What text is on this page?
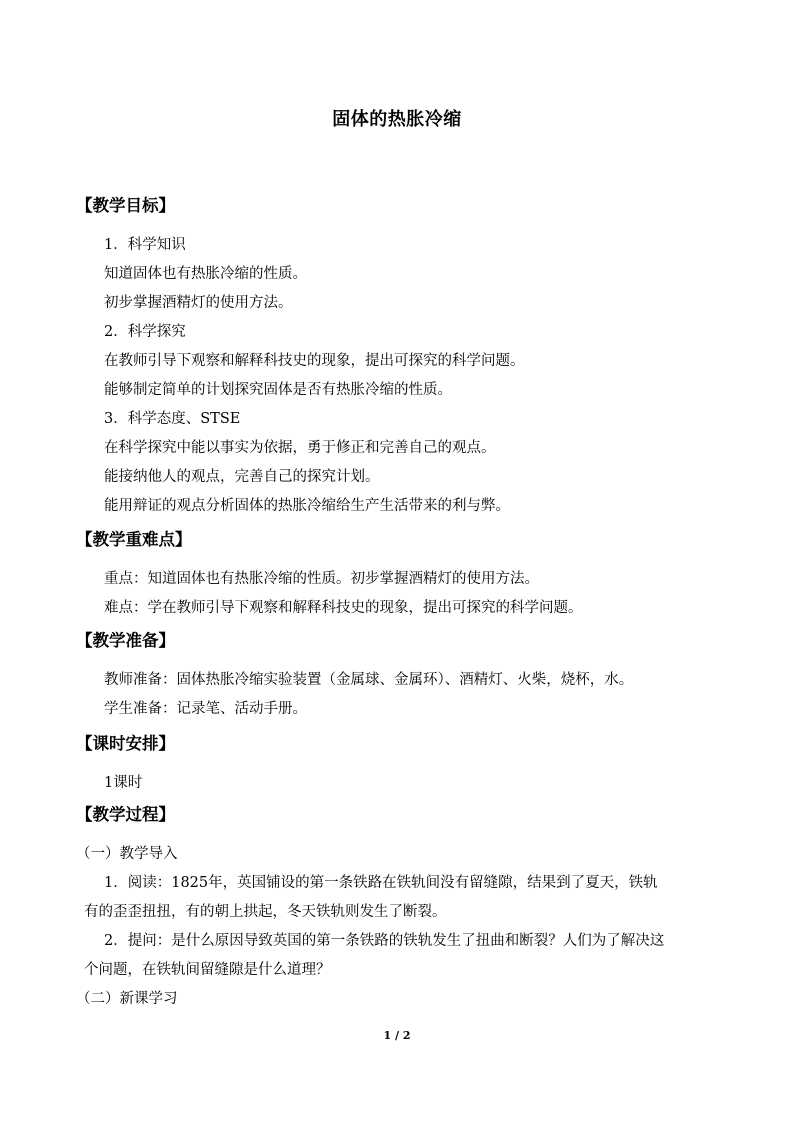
固体的热胀冷缩
【教学目标】
1．科学知识
知道固体也有热胀冷缩的性质。
初步掌握酒精灯的使用方法。
2．科学探究
在教师引导下观察和解释科技史的现象，提出可探究的科学问题。
能够制定简单的计划探究固体是否有热胀冷缩的性质。
3．科学态度、STSE
在科学探究中能以事实为依据，勇于修正和完善自己的观点。
能接纳他人的观点，完善自己的探究计划。
能用辩证的观点分析固体的热胀冷缩给生产生活带来的利与弊。
【教学重难点】
重点：知道固体也有热胀冷缩的性质。初步掌握酒精灯的使用方法。
难点：学在教师引导下观察和解释科技史的现象，提出可探究的科学问题。
【教学准备】
教师准备：固体热胀冷缩实验装置（金属球、金属环）、酒精灯、火柴，烧杯，水。
学生准备：记录笔、活动手册。
【课时安排】
1课时
【教学过程】
（一）教学导入
1．阅读：1825年，英国铺设的第一条铁路在铁轨间没有留缝隙，结果到了夏天，铁轨
有的歪歪扭扭，有的朝上拱起，冬天铁轨则发生了断裂。
2．提问：是什么原因导致英国的第一条铁路的铁轨发生了扭曲和断裂？人们为了解决这
个问题，在铁轨间留缝隙是什么道理？
（二）新课学习
1 / 2
